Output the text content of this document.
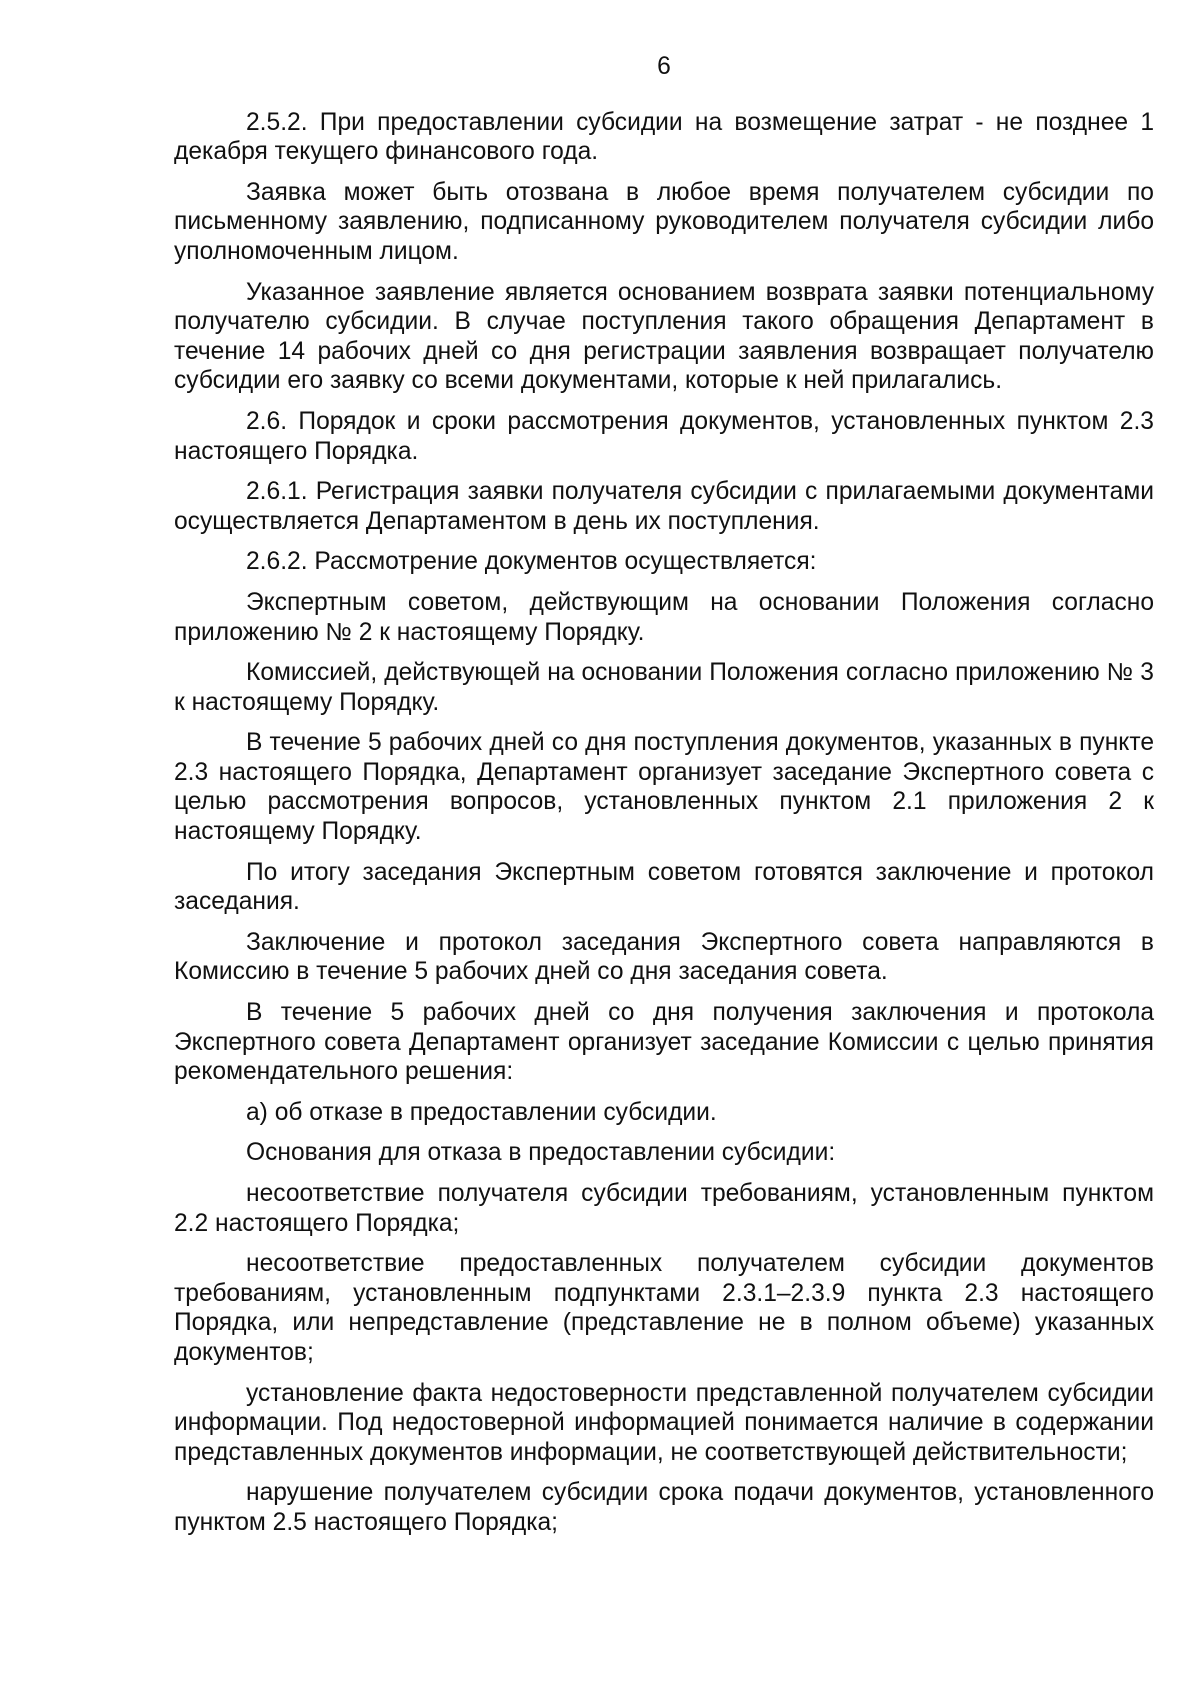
6

2.5.2. При предоставлении субсидии на возмещение затрат - не позднее 1 декабря текущего финансового года.

Заявка может быть отозвана в любое время получателем субсидии по письменному заявлению, подписанному руководителем получателя субсидии либо уполномоченным лицом.

Указанное заявление является основанием возврата заявки потенциальному получателю субсидии. В случае поступления такого обращения Департамент в течение 14 рабочих дней со дня регистрации заявления возвращает получателю субсидии его заявку со всеми документами, которые к ней прилагались.

2.6. Порядок и сроки рассмотрения документов, установленных пунктом 2.3 настоящего Порядка.

2.6.1. Регистрация заявки получателя субсидии с прилагаемыми документами осуществляется Департаментом в день их поступления.

2.6.2. Рассмотрение документов осуществляется:

Экспертным советом, действующим на основании Положения согласно приложению № 2 к настоящему Порядку.

Комиссией, действующей на основании Положения согласно приложению № 3 к настоящему Порядку.

В течение 5 рабочих дней со дня поступления документов, указанных в пункте 2.3 настоящего Порядка, Департамент организует заседание Экспертного совета с целью рассмотрения вопросов, установленных пунктом 2.1 приложения 2 к настоящему Порядку.

По итогу заседания Экспертным советом готовятся заключение и протокол заседания.

Заключение и протокол заседания Экспертного совета направляются в Комиссию в течение 5 рабочих дней со дня заседания совета.

В течение 5 рабочих дней со дня получения заключения и протокола Экспертного совета Департамент организует заседание Комиссии с целью принятия рекомендательного решения:

а) об отказе в предоставлении субсидии.

Основания для отказа в предоставлении субсидии:

несоответствие получателя субсидии требованиям, установленным пунктом 2.2 настоящего Порядка;

несоответствие предоставленных получателем субсидии документов требованиям, установленным подпунктами 2.3.1–2.3.9 пункта 2.3 настоящего Порядка, или непредставление (представление не в полном объеме) указанных документов;

установление факта недостоверности представленной получателем субсидии информации. Под недостоверной информацией понимается наличие в содержании представленных документов информации, не соответствующей действительности;

нарушение получателем субсидии срока подачи документов, установленного пунктом 2.5 настоящего Порядка;
